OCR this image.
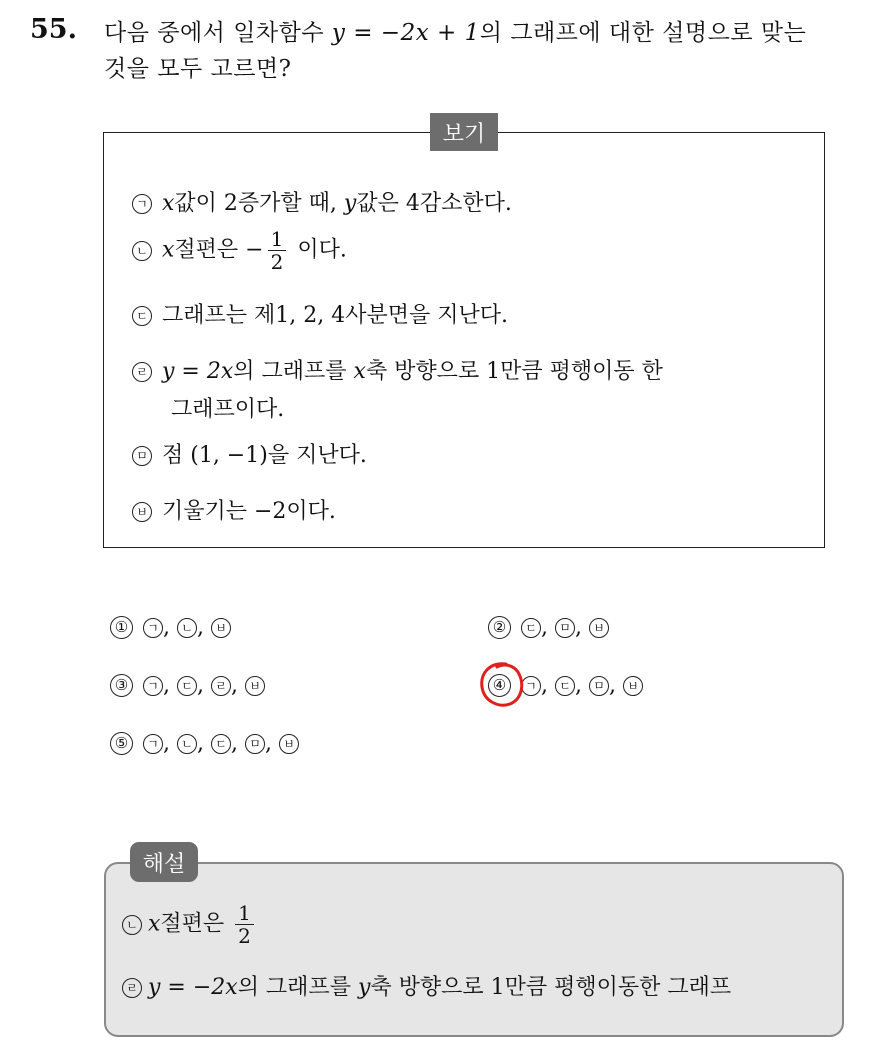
55. 다음 중에서 일차함수 y = −2x + 1의 그래프에 대한 설명으로 맞는
것을 모두 고르면?
보기
ㄱ x값이 2증가할 때, y값은 4감소한다.
ㄴ x절편은 − $\frac{1}{2}$ 이다.
ㄷ 그래프는 제1, 2, 4사분면을 지난다.
ㄹ y = 2x의 그래프를 x축 방향으로 1만큼 평행이동 한
그래프이다.
ㅁ 점 (1, −1)을 지난다.
ㅂ 기울기는 −2이다.
① ㄱ , ㄴ , ㅂ	② ㄷ , ㅁ , ㅂ
③ ㄱ , ㄷ , ㄹ , ㅂ	④ ㄱ , ㄷ , ㅁ , ㅂ
⑤ ㄱ , ㄴ , ㄷ , ㅁ , ㅂ
해설
ㄴ x절편은 $\frac{1}{2}$
ㄹ y = −2x의 그래프를 y축 방향으로 1만큼 평행이동한 그래프
